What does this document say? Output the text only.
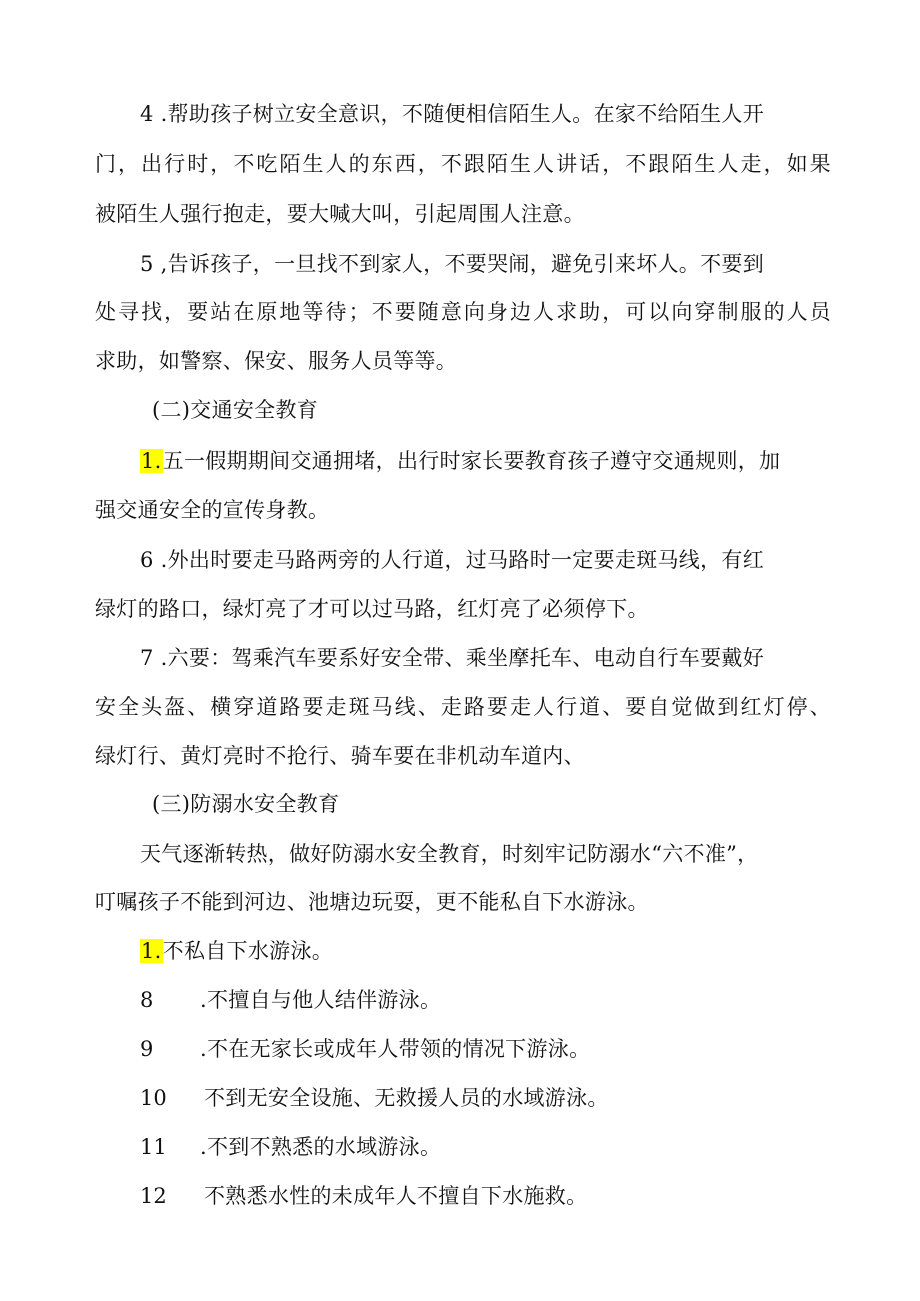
4 .帮助孩子树立安全意识，不随便相信陌生人。在家不给陌生人开
门，出行时，不吃陌生人的东西，不跟陌生人讲话，不跟陌生人走，如果
被陌生人强行抱走，要大喊大叫，引起周围人注意。
5 ,告诉孩子，一旦找不到家人，不要哭闹，避免引来坏人。不要到
处寻找，要站在原地等待；不要随意向身边人求助，可以向穿制服的人员
求助，如警察、保安、服务人员等等。
(二)交通安全教育
1.五一假期期间交通拥堵，出行时家长要教育孩子遵守交通规则，加
强交通安全的宣传身教。
6 .外出时要走马路两旁的人行道，过马路时一定要走斑马线，有红
绿灯的路口，绿灯亮了才可以过马路，红灯亮了必须停下。
7 .六要：驾乘汽车要系好安全带、乘坐摩托车、电动自行车要戴好
安全头盔、横穿道路要走斑马线、走路要走人行道、要自觉做到红灯停、
绿灯行、黄灯亮时不抢行、骑车要在非机动车道内、
(三)防溺水安全教育
天气逐渐转热，做好防溺水安全教育，时刻牢记防溺水“六不准”，
叮嘱孩子不能到河边、池塘边玩耍，更不能私自下水游泳。
1.不私自下水游泳。
8 .不擅自与他人结伴游泳。
9 .不在无家长或成年人带领的情况下游泳。
10 不到无安全设施、无救援人员的水域游泳。
11 .不到不熟悉的水域游泳。
12 不熟悉水性的未成年人不擅自下水施救。
